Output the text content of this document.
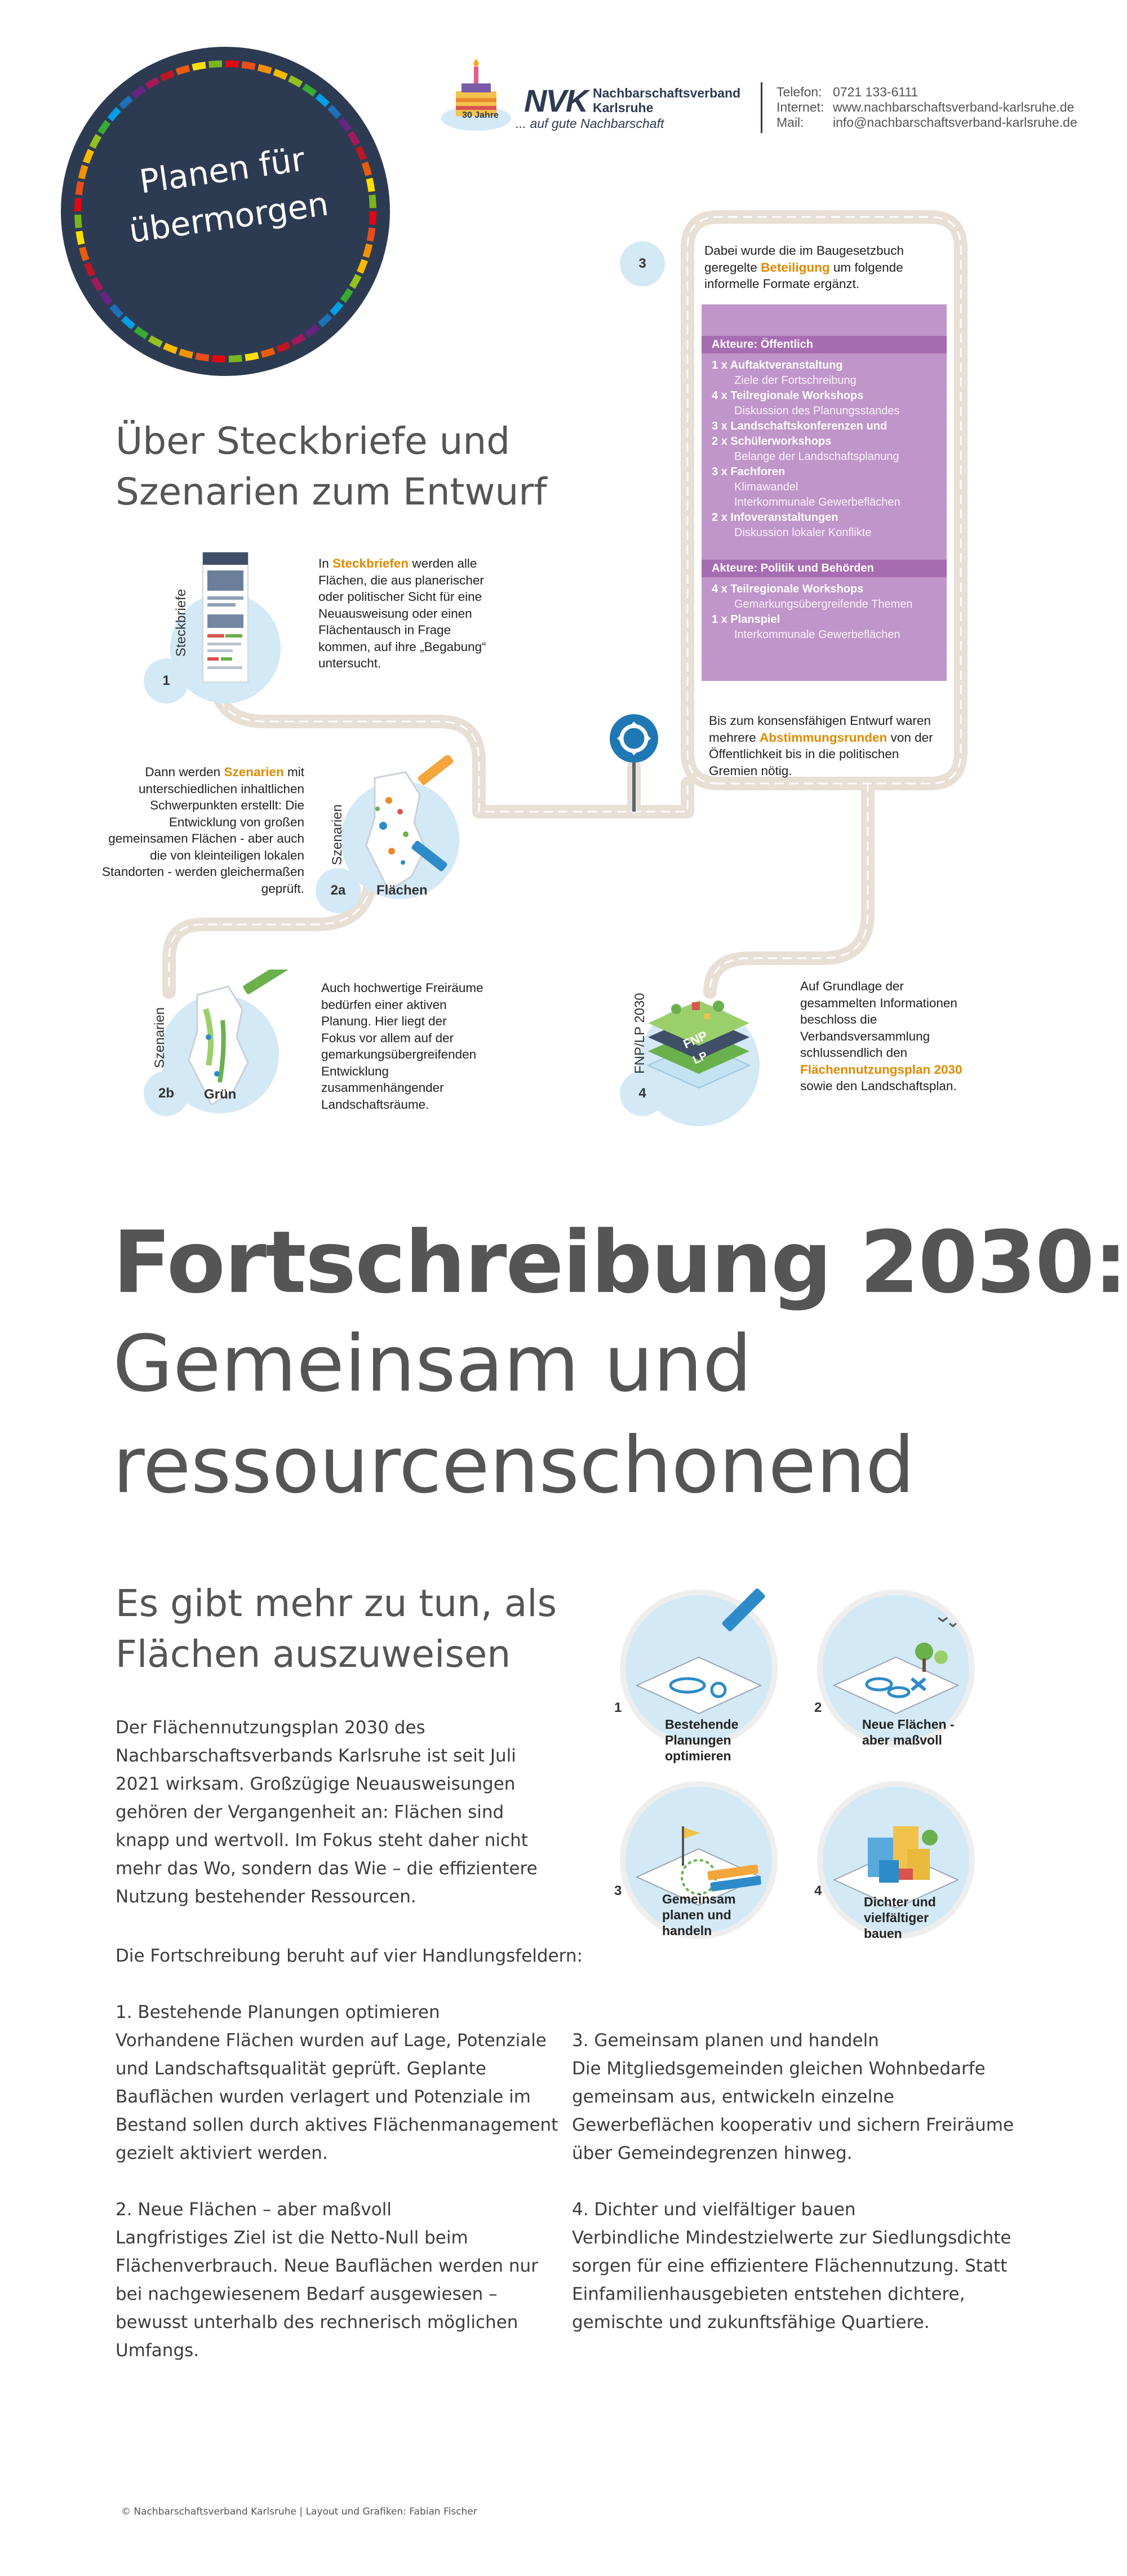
Planen für übermorgen
30 Jahre NVK Nachbarschaftsverband
Karlsruhe
... auf gute Nachbarschaft
Telefon: 0721 133-6111
Internet: www.nachbarschaftsverband-karlsruhe.de
Mail: info@nachbarschaftsverband-karlsruhe.de
Über Steckbriefe und
Szenarien zum Entwurf
1
Steckbriefe
In Steckbriefen werden alle Flächen, die aus planerischer oder politischer Sicht für eine Neuausweisung oder einen Flächentausch in Frage kommen, auf ihre „Begabung“ untersucht.
Dann werden Szenarien mit unterschiedlichen inhaltlichen Schwerpunkten erstellt: Die Entwicklung von großen gemeinsamen Flächen - aber auch die von kleinteiligen lokalen Standorten - werden gleichermaßen geprüft.	2a
Szenarien
Flächen
2b
Szenarien
Grün
Auch hochwertige Freiräume bedürfen einer aktiven Planung. Hier liegt der Fokus vor allem auf der gemarkungsübergreifenden Entwicklung zusammenhängender Landschaftsräume.
3
Dabei wurde die im Baugesetzbuch geregelte Beteiligung um folgende informelle Formate ergänzt.
Akteure: Öffentlich
1 x Auftaktveranstaltung
Ziele der Fortschreibung
4 x Teilregionale Workshops
Diskussion des Planungsstandes
3 x Landschaftskonferenzen und
2 x Schülerworkshops
Belange der Landschaftsplanung
3 x Fachforen
Klimawandel
Interkommunale Gewerbeflächen
2 x Infoveranstaltungen
Diskussion lokaler Konflikte
Akteure: Politik und Behörden
4 x Teilregionale Workshops
Gemarkungsübergreifende Themen
1 x Planspiel
Interkommunale Gewerbeflächen
Bis zum konsensfähigen Entwurf waren mehrere Abstimmungsrunden von der Öffentlichkeit bis in die politischen Gremien nötig.
FNP
LP
4
FNP/LP 2030
Auf Grundlage der gesammelten Informationen beschloss die Verbandsversammlung schlussendlich den Flächennutzungsplan 2030 sowie den Landschaftsplan.
Fortschreibung 2030:
Gemeinsam und
ressourcenschonend
Es gibt mehr zu tun, als
Flächen auszuweisen
Der Flächennutzungsplan 2030 des Nachbarschaftsverbands Karlsruhe ist seit Juli 2021 wirksam. Großzügige Neuausweisungen gehören der Vergangenheit an: Flächen sind knapp und wertvoll. Im Fokus steht daher nicht mehr das Wo, sondern das Wie – die effizientere Nutzung bestehender Ressourcen.
Die Fortschreibung beruht auf vier Handlungsfeldern:
1. Bestehende Planungen optimieren
Vorhandene Flächen wurden auf Lage, Potenziale und Landschaftsqualität geprüft. Geplante Bauflächen wurden verlagert und Potenziale im Bestand sollen durch aktives Flächenmanagement gezielt aktiviert werden.
2. Neue Flächen – aber maßvoll
Langfristiges Ziel ist die Netto-Null beim Flächenverbrauch. Neue Bauflächen werden nur bei nachgewiesenem Bedarf ausgewiesen – bewusst unterhalb des rechnerisch möglichen Umfangs.
3. Gemeinsam planen und handeln
Die Mitgliedsgemeinden gleichen Wohnbedarfe gemeinsam aus, entwickeln einzelne Gewerbeflächen kooperativ und sichern Freiräume über Gemeindegrenzen hinweg.
4. Dichter und vielfältiger bauen
Verbindliche Mindestzielwerte zur Siedlungsdichte sorgen für eine effizientere Flächennutzung. Statt Einfamilienhausgebieten entstehen dichtere, gemischte und zukunftsfähige Quartiere.
1
Bestehende Planungen optimieren
2
Neue Flächen - aber maßvoll
3
Gemeinsam planen und handeln
4
Dichter und vielfältiger bauen
© Nachbarschaftsverband Karlsruhe | Layout und Grafiken: Fabian Fischer
